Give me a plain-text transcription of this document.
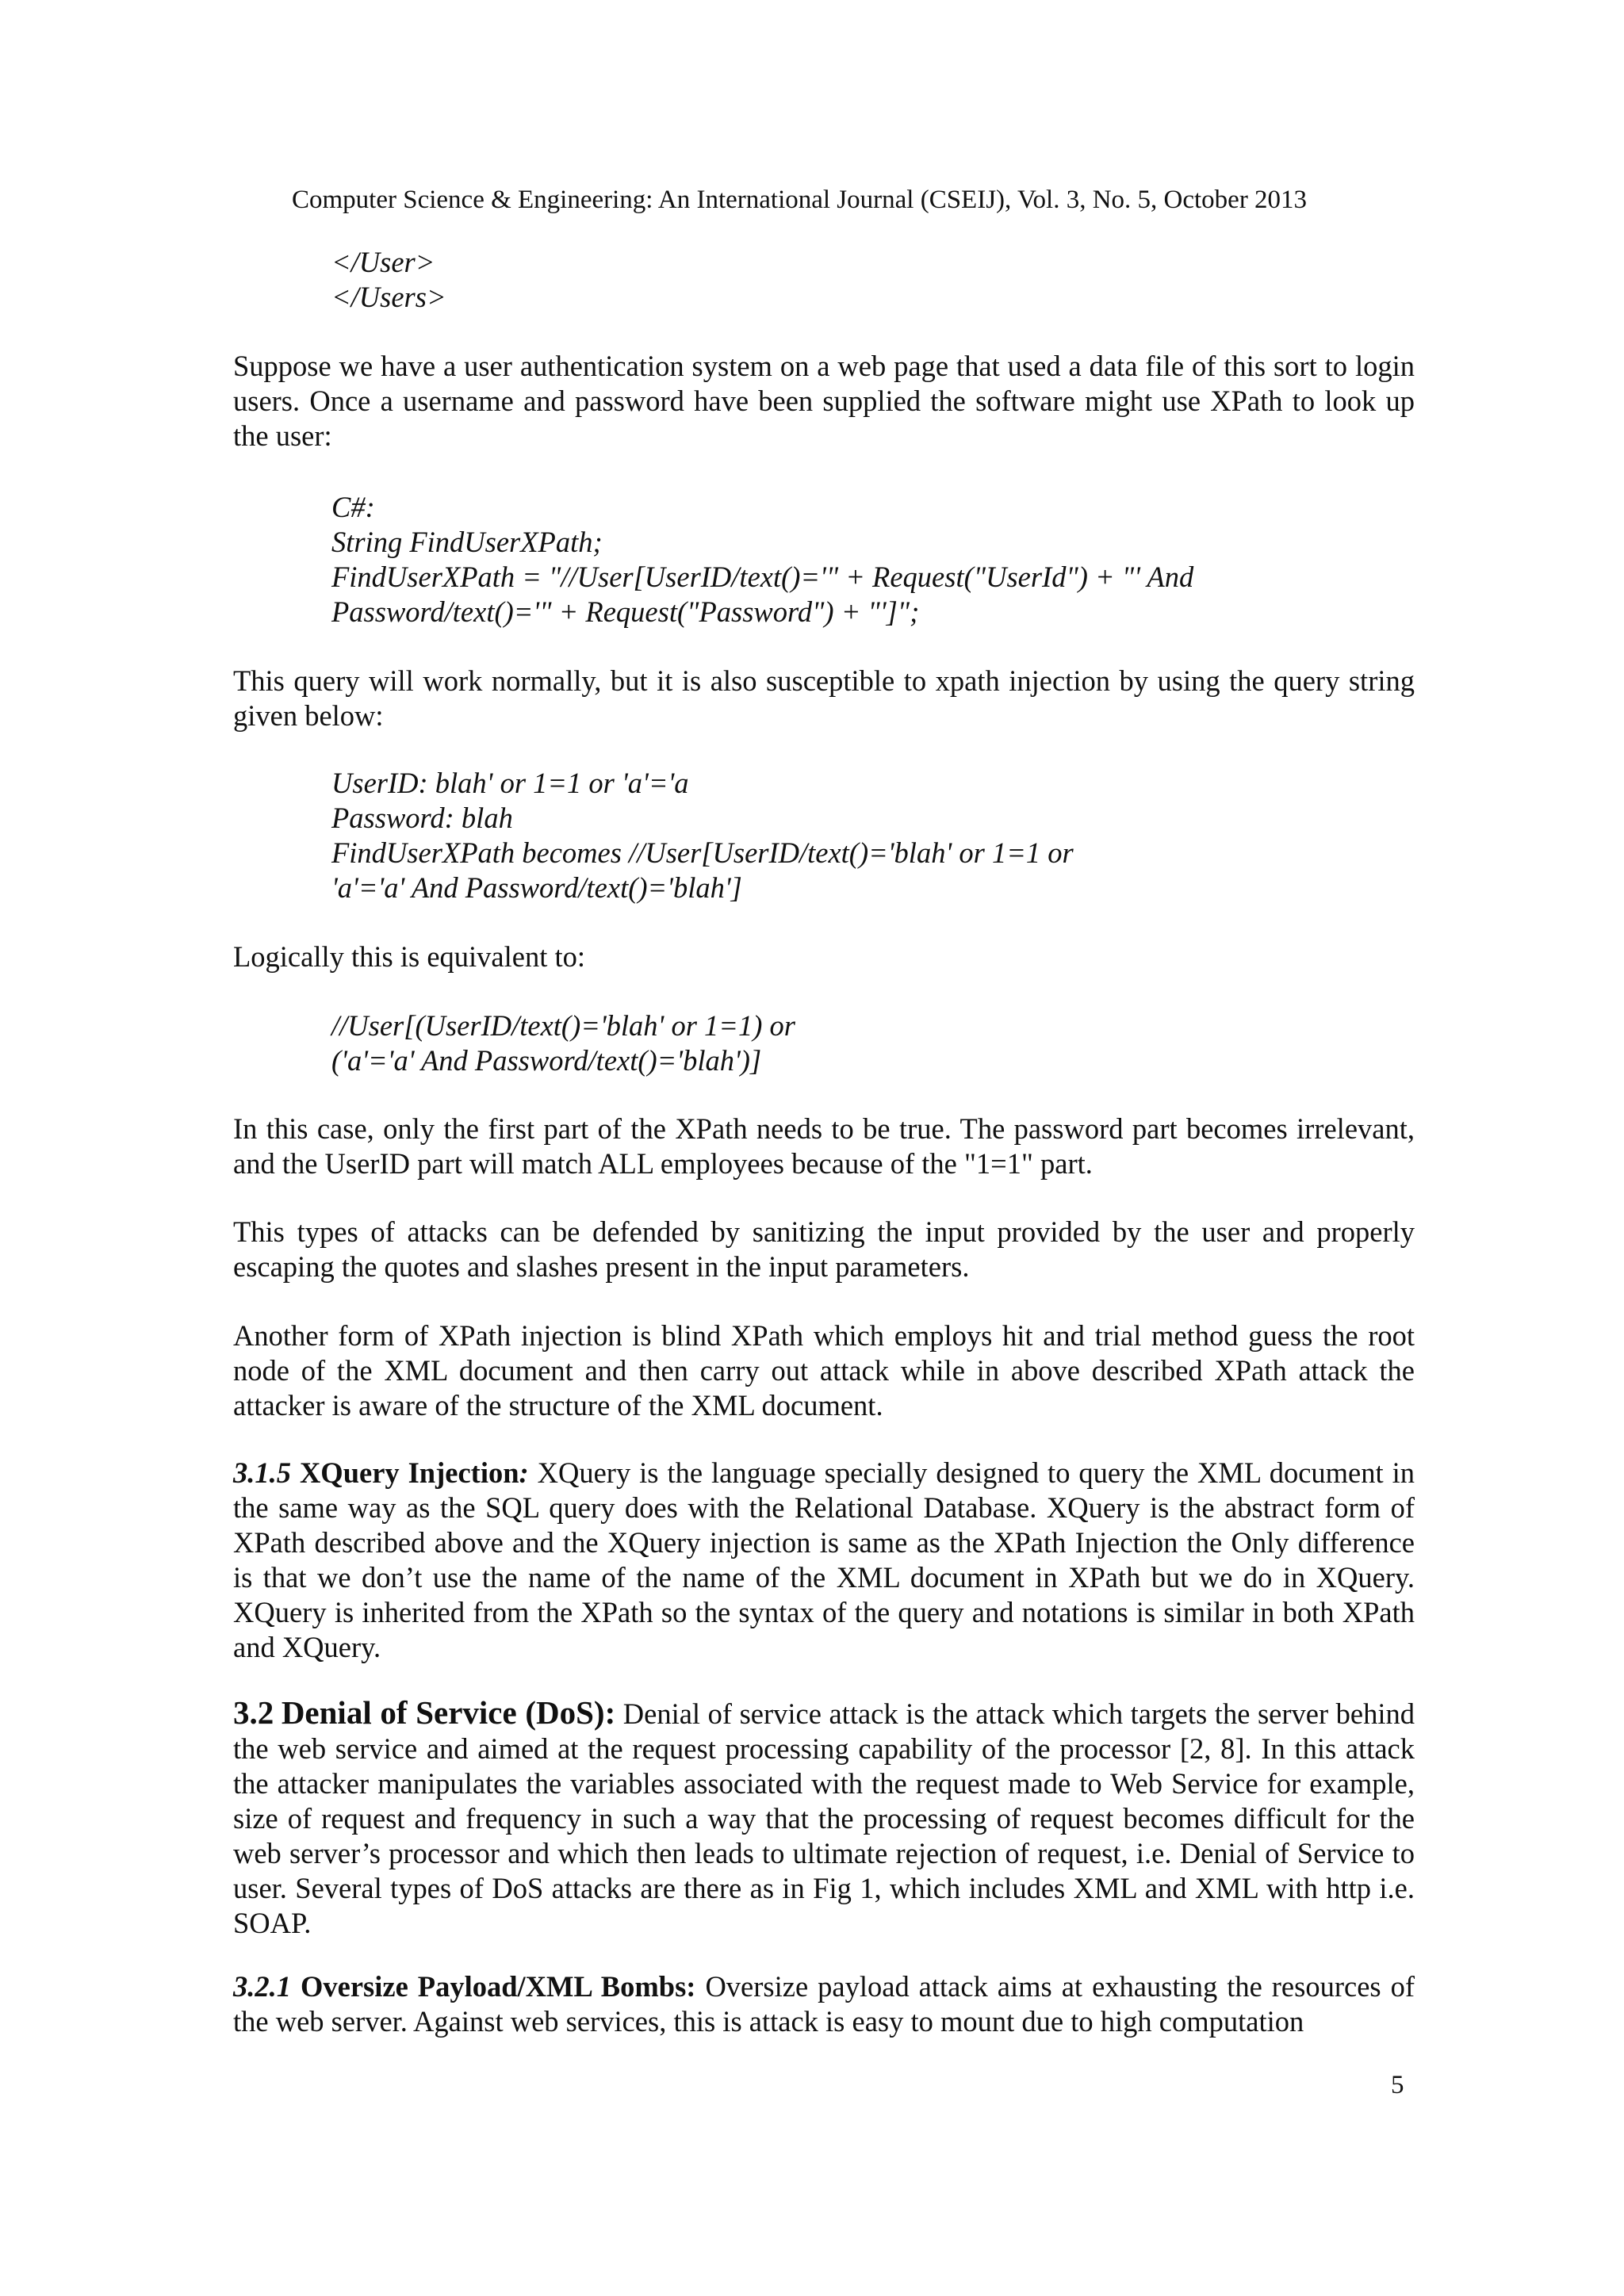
Computer Science & Engineering: An International Journal (CSEIJ), Vol. 3, No. 5, October 2013
</User>
</Users>

Suppose we have a user authentication system on a web page that used a data file of this sort to login users. Once a username and password have been supplied the software might use XPath to look up the user:

C#:
String FindUserXPath;
FindUserXPath = "//User[UserID/text()='" + Request("UserId") + "' And
Password/text()='" + Request("Password") + "']";

This query will work normally, but it is also susceptible to xpath injection by using the query string given below:

UserID: blah' or 1=1 or 'a'='a
Password: blah
FindUserXPath becomes //User[UserID/text()='blah' or 1=1 or
'a'='a' And Password/text()='blah']

Logically this is equivalent to:

//User[(UserID/text()='blah' or 1=1) or
('a'='a' And Password/text()='blah')]

In this case, only the first part of the XPath needs to be true. The password part becomes irrelevant, and the UserID part will match ALL employees because of the "1=1" part.

This types of attacks can be defended by sanitizing the input provided by the user and properly escaping the quotes and slashes present in the input parameters.

Another form of XPath injection is blind XPath which employs hit and trial method guess the root node of the XML document and then carry out attack while in above described XPath attack the attacker is aware of the structure of the XML document.

3.1.5 XQuery Injection: XQuery is the language specially designed to query the XML document in the same way as the SQL query does with the Relational Database. XQuery is the abstract form of XPath described above and the XQuery injection is same as the XPath Injection the Only difference is that we don’t use the name of the name of the XML document in XPath but we do in XQuery. XQuery is inherited from the XPath so the syntax of the query and notations is similar in both XPath and XQuery.

3.2 Denial of Service (DoS): Denial of service attack is the attack which targets the server behind the web service and aimed at the request processing capability of the processor [2, 8]. In this attack the attacker manipulates the variables associated with the request made to Web Service for example, size of request and frequency in such a way that the processing of request becomes difficult for the web server’s processor and which then leads to ultimate rejection of request, i.e. Denial of Service to user. Several types of DoS attacks are there as in Fig 1, which includes XML and XML with http i.e. SOAP.

3.2.1 Oversize Payload/XML Bombs: Oversize payload attack aims at exhausting the resources of the web server. Against web services, this is attack is easy to mount due to high computation

5
